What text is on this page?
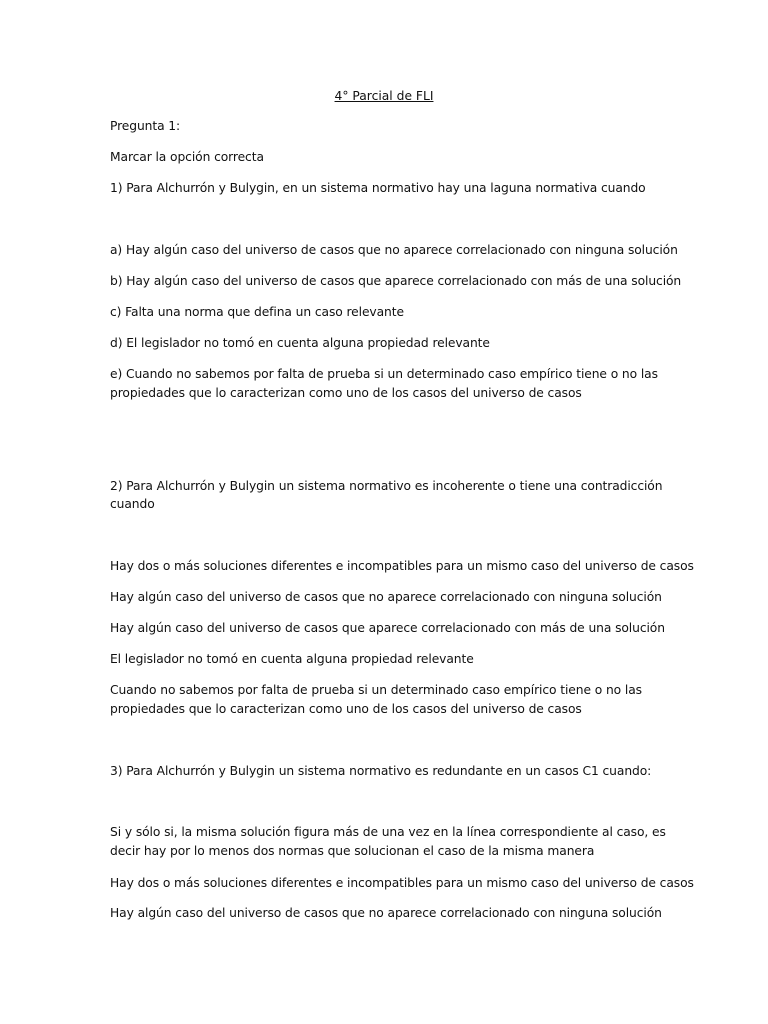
4° Parcial de FLI
Pregunta 1:
Marcar la opción correcta
1) Para Alchurrón y Bulygin, en un sistema normativo hay una laguna normativa cuando
a) Hay algún caso del universo de casos que no aparece correlacionado con ninguna solución
b) Hay algún caso del universo de casos que aparece correlacionado con más de una solución
c) Falta una norma que defina un caso relevante
d) El legislador no tomó en cuenta alguna propiedad relevante
e) Cuando no sabemos por falta de prueba si un determinado caso empírico tiene o no las
propiedades que lo caracterizan como uno de los casos del universo de casos
2) Para Alchurrón y Bulygin un sistema normativo es incoherente o tiene una contradicción
cuando
Hay dos o más soluciones diferentes e incompatibles para un mismo caso del universo de casos
Hay algún caso del universo de casos que no aparece correlacionado con ninguna solución
Hay algún caso del universo de casos que aparece correlacionado con más de una solución
El legislador no tomó en cuenta alguna propiedad relevante
Cuando no sabemos por falta de prueba si un determinado caso empírico tiene o no las
propiedades que lo caracterizan como uno de los casos del universo de casos
3) Para Alchurrón y Bulygin un sistema normativo es redundante en un casos C1 cuando:
Si y sólo si, la misma solución figura más de una vez en la línea correspondiente al caso, es
decir hay por lo menos dos normas que solucionan el caso de la misma manera
Hay dos o más soluciones diferentes e incompatibles para un mismo caso del universo de casos
Hay algún caso del universo de casos que no aparece correlacionado con ninguna solución
